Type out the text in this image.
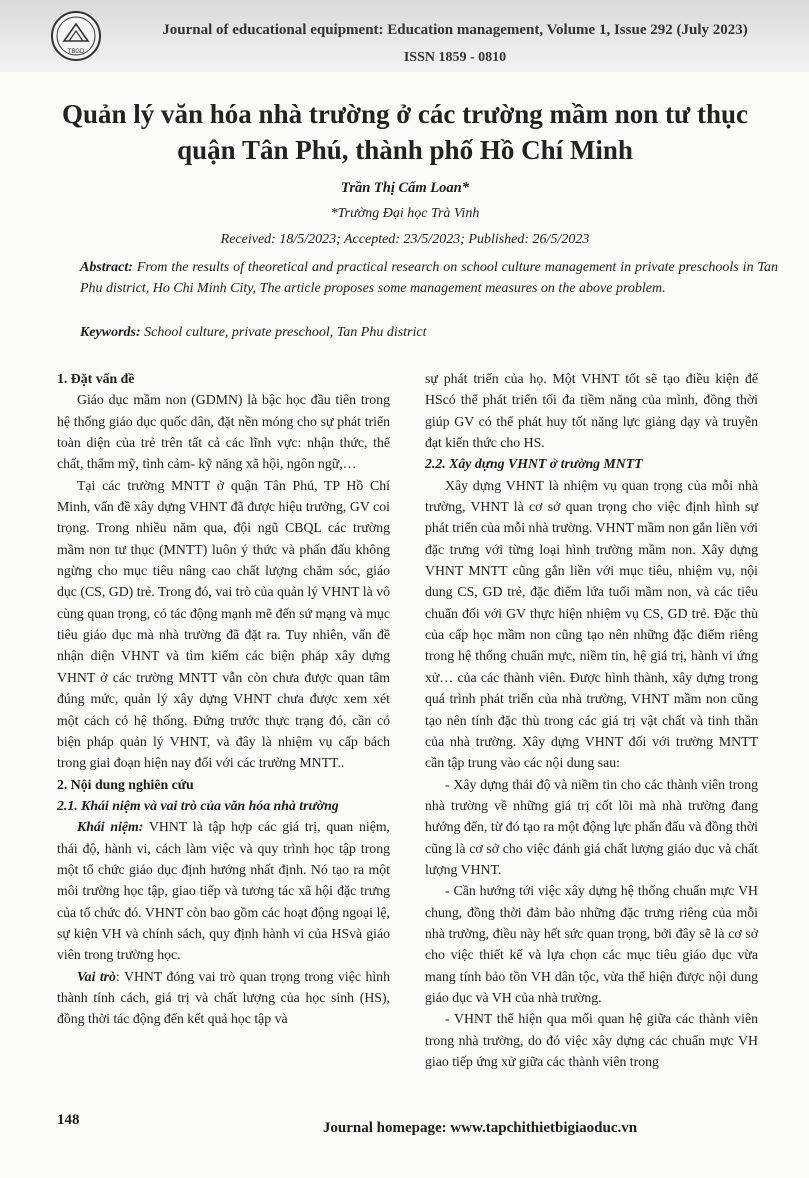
TBGD
Journal of educational equipment: Education management, Volume 1, Issue 292 (July 2023)
ISSN 1859 - 0810
Quản lý văn hóa nhà trường ở các trường mầm non tư thục quận Tân Phú, thành phố Hồ Chí Minh
Trần Thị Cẩm Loan*
*Trường Đại học Trà Vinh
Received: 18/5/2023; Accepted: 23/5/2023; Published: 26/5/2023
Abstract: From the results of theoretical and practical research on school culture management in private preschools in Tan Phu district, Ho Chi Minh City, The article proposes some management measures on the above problem.
Keywords: School culture, private preschool, Tan Phu district

1. Đặt vấn đề

Giáo dục mầm non (GDMN) là bậc học đầu tiên trong hệ thống giáo dục quốc dân, đặt nền móng cho sự phát triển toàn diện của trẻ trên tất cả các lĩnh vực: nhận thức, thể chất, thẩm mỹ, tình cảm- kỹ năng xã hội, ngôn ngữ,…

Tại các trường MNTT ở quận Tân Phú, TP Hồ Chí Minh, vấn đề xây dựng VHNT đã được hiệu trưởng, GV coi trọng. Trong nhiều năm qua, đội ngũ CBQL các trường mầm non tư thục (MNTT) luôn ý thức và phấn đấu không ngừng cho mục tiêu nâng cao chất lượng chăm sóc, giáo dục (CS, GD) trẻ. Trong đó, vai trò của quản lý VHNT là vô cùng quan trọng, có tác động mạnh mẽ đến sứ mạng và mục tiêu giáo dục mà nhà trường đã đặt ra. Tuy nhiên, vấn đề nhận diện VHNT và tìm kiếm các biện pháp xây dựng VHNT ở các trường MNTT vẫn còn chưa được quan tâm đúng mức, quản lý xây dựng VHNT chưa được xem xét một cách có hệ thống. Đứng trước thực trạng đó, cần có biện pháp quản lý VHNT, và đây là nhiệm vụ cấp bách trong giai đoạn hiện nay đối với các trường MNTT..

2. Nội dung nghiên cứu

2.1. Khái niệm và vai trò của văn hóa nhà trường

Khái niệm: VHNT là tập hợp các giá trị, quan niệm, thái độ, hành vi, cách làm việc và quy trình học tập trong một tổ chức giáo dục định hướng nhất định. Nó tạo ra một môi trường học tập, giao tiếp và tương tác xã hội đặc trưng của tổ chức đó. VHNT còn bao gồm các hoạt động ngoại lệ, sự kiện VH và chính sách, quy định hành vi của HSvà giáo viên trong trường học.

Vai trò: VHNT đóng vai trò quan trọng trong việc hình thành tính cách, giá trị và chất lượng của học sinh (HS), đồng thời tác động đến kết quả học tập và

sự phát triển của họ. Một VHNT tốt sẽ tạo điều kiện để HScó thể phát triển tối đa tiềm năng của mình, đồng thời giúp GV có thể phát huy tốt năng lực giảng dạy và truyền đạt kiến thức cho HS.

2.2. Xây dựng VHNT ở trường MNTT

Xây dựng VHNT là nhiệm vụ quan trọng của mỗi nhà trường, VHNT là cơ sở quan trọng cho việc định hình sự phát triển của mỗi nhà trường. VHNT mầm non gắn liền với đặc trưng với từng loại hình trường mầm non. Xây dựng VHNT MNTT cũng gắn liền với mục tiêu, nhiệm vụ, nội dung CS, GD trẻ, đặc điểm lứa tuổi mầm non, và các tiêu chuẩn đối với GV thực hiện nhiệm vụ CS, GD trẻ. Đặc thù của cấp học mầm non cũng tạo nên những đặc điểm riêng trong hệ thống chuẩn mực, niềm tin, hệ giá trị, hành vi ứng xử… của các thành viên. Được hình thành, xây dựng trong quá trình phát triển của nhà trường, VHNT mầm non cũng tạo nên tính đặc thù trong các giá trị vật chất và tinh thần của nhà trường. Xây dựng VHNT đối với trường MNTT cần tập trung vào các nội dung sau:

- Xây dựng thái độ và niềm tin cho các thành viên trong nhà trường về những giá trị cốt lõi mà nhà trường đang hướng đến, từ đó tạo ra một động lực phấn đấu và đồng thời cũng là cơ sở cho việc đánh giá chất lượng giáo dục và chất lượng VHNT.

- Cần hướng tới việc xây dựng hệ thống chuẩn mực VH chung, đồng thời đảm bảo những đặc trưng riêng của mỗi nhà trường, điều này hết sức quan trọng, bởi đây sẽ là cơ sở cho việc thiết kế và lựa chọn các mục tiêu giáo dục vừa mang tính bảo tồn VH dân tộc, vừa thể hiện được nội dung giáo dục và VH của nhà trường.

- VHNT thể hiện qua mối quan hệ giữa các thành viên trong nhà trường, do đó việc xây dựng các chuẩn mực VH giao tiếp ứng xử giữa các thành viên trong

148	Journal homepage: www.tapchithietbigiaoduc.vn
